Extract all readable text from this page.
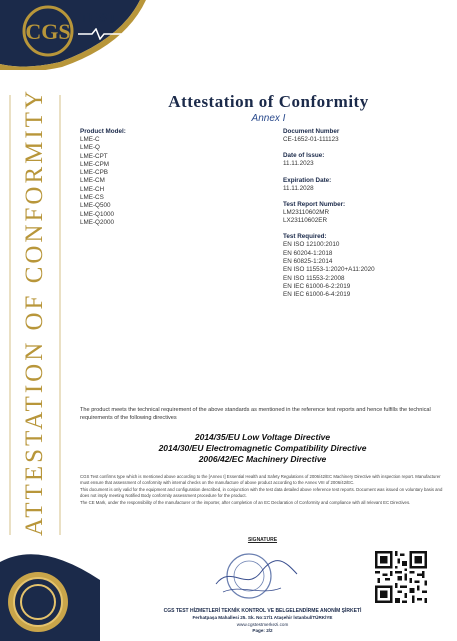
CGS
TEST
ATTESTATION OF CONFORMITY	Attestation of Conformity
Annex I
Product Model:
LME-C
LME-Q
LME-CPT
LME-CPM
LME-CPB
LME-CM
LME-CH
LME-CS
LME-Q500
LME-Q1000
LME-Q2000
Document Number
CE-1652-01-111123
Date of Issue:
11.11.2023
Expiration Date:
11.11.2028
Test Report Number:
LM23110602MR
LX23110602ER
Test Required:
EN ISO 12100:2010
EN 60204-1:2018
EN 60825-1:2014
EN ISO 11553-1:2020+A11:2020
EN ISO 11553-2:2008
EN IEC 61000-6-2:2019
EN IEC 61000-6-4:2019
The product meets the technical requirement of the above standards as mentioned in the reference test reports and hence fulfills the technical requirements of the following directives
2014/35/EU Low Voltage Directive
2014/30/EU Electromagnetic Compatibility Directive
2006/42/EC Machinery Directive

CGS Test confirms type which is mentioned above according to the [Annex I] Essential Health and Safety Regulations of 2006/42/EC Machinery Directive with inspection report. Manufacturer must ensure that assessment of conformity with internal checks on the manufacture of above product according to the Annex VIII of 2006/42/EC.

This document is only valid for the equipment and configuration described, in conjunction with the test data detailed above reference test reports. Document was issued on voluntary basis and does not imply meeting Notified Body conformity assessment procedure for the product.

The CE Mark, under the responsibility of the manufacturer or the importer, after completion of an EC Declaration of Conformity and compliance with all relevant EC Directives.

SIGNATURE
CGS TEST HİZMETLERİ TEKNİK KONTROL VE BELGELENDİRME ANONİM ŞİRKETİ
Ferhatpaşa Mahallesi 25. Sk. No:17/1 Ataşehir İstanbul/TÜRKİYE
www.cgstestmerkezi.com
Page: 2/2
